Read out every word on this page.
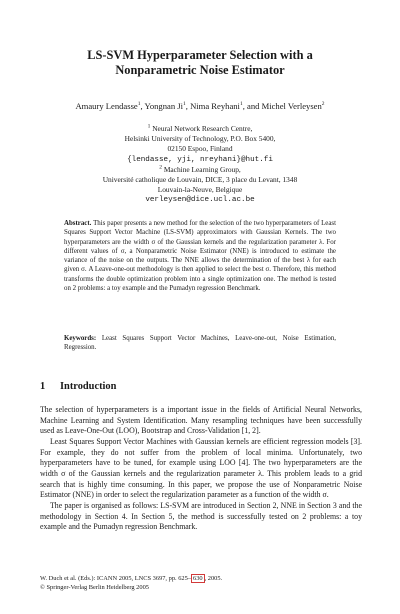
LS-SVM Hyperparameter Selection with a
Nonparametric Noise Estimator
Amaury Lendasse$^1$, Yongnan Ji$^1$, Nima Reyhani$^1$, and Michel Verleysen$^2$
$^1$ Neural Network Research Centre,
Helsinki University of Technology, P.O. Box 5400,
02150 Espoo, Finland
{lendasse, yji, nreyhani}@hut.fi
$^2$ Machine Learning Group,
Université catholique de Louvain, DICE, 3 place du Levant, 1348
Louvain-la-Neuve, Belgique
verleysen@dice.ucl.ac.be
Abstract. This paper presents a new method for the selection of the two hyperparameters of Least Squares Support Vector Machine (LS-SVM) approximators with Gaussian Kernels. The two hyperparameters are the width σ of the Gaussian kernels and the regularization parameter λ. For different values of σ, a Nonparametric Noise Estimator (NNE) is introduced to estimate the variance of the noise on the outputs. The NNE allows the determination of the best λ for each given σ. A Leave-one-out methodology is then applied to select the best σ. Therefore, this method transforms the double optimization problem into a single optimization one. The method is tested on 2 problems: a toy example and the Pumadyn regression Benchmark.
Keywords: Least Squares Support Vector Machines, Leave-one-out, Noise Estimation, Regression.
1 Introduction

The selection of hyperparameters is a important issue in the fields of Artificial Neural Networks, Machine Learning and System Identification. Many resampling techniques have been successfully used as Leave-One-Out (LOO), Bootstrap and Cross-Validation [1, 2].

Least Squares Support Vector Machines with Gaussian kernels are efficient regression models [3]. For example, they do not suffer from the problem of local minima. Unfortunately, two hyperparameters have to be tuned, for example using LOO [4]. The two hyperparameters are the width σ of the Gaussian kernels and the regularization parameter λ. This problem leads to a grid search that is highly time consuming. In this paper, we propose the use of Nonparametric Noise Estimator (NNE) in order to select the regularization parameter as a function of the width σ.

The paper is organised as follows: LS-SVM are introduced in Section 2, NNE in Section 3 and the methodology in Section 4. In Section 5, the method is successfully tested on 2 problems: a toy example and the Pumadyn regression Benchmark.

W. Duch et al. (Eds.): ICANN 2005, LNCS 3697, pp. 625– 630 , 2005.
© Springer-Verlag Berlin Heidelberg 2005
